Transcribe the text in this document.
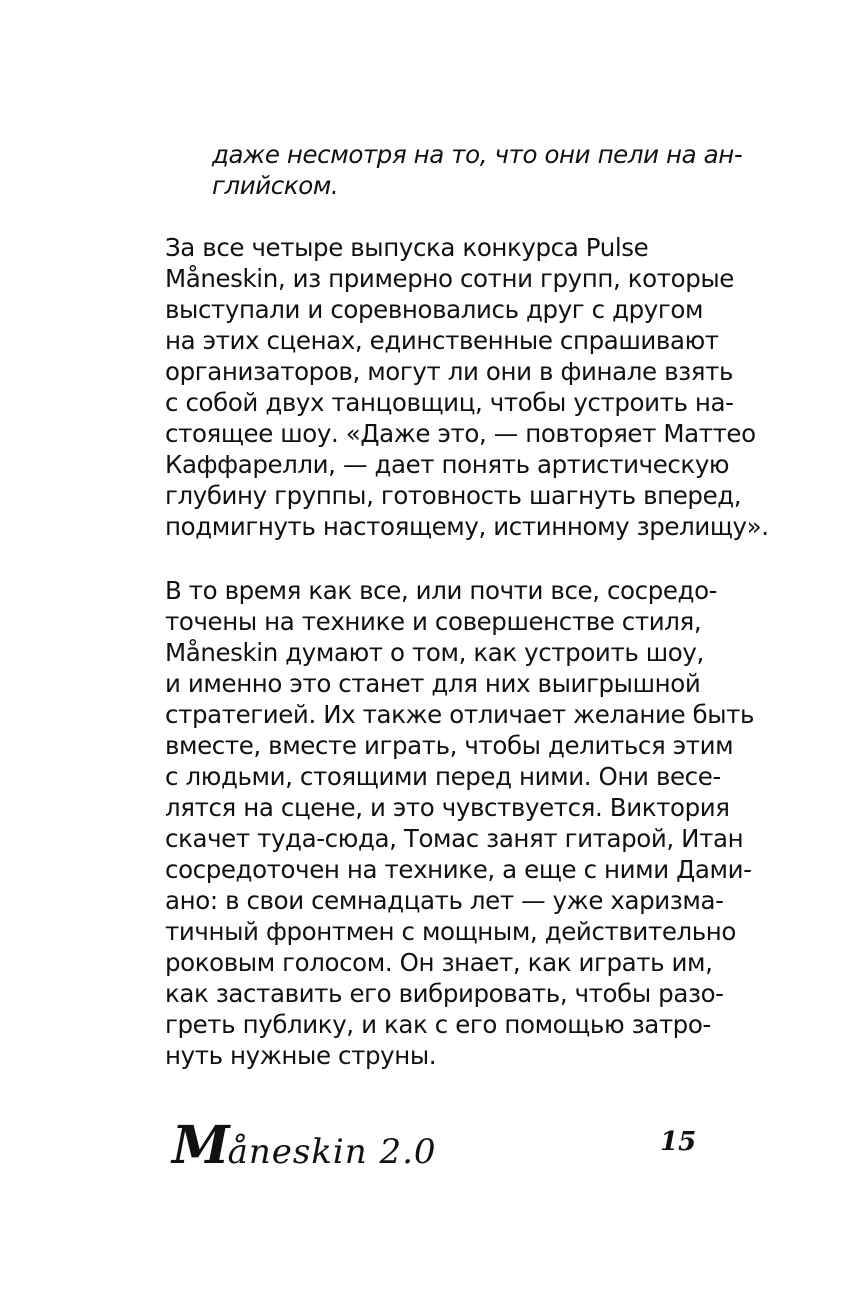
даже несмотря на то, что они пели на ан-
глийском.
За все четыре выпуска конкурса Pulse
Måneskin, из примерно сотни групп, которые
выступали и соревновались друг с другом
на этих сценах, единственные спрашивают
организаторов, могут ли они в финале взять
с собой двух танцовщиц, чтобы устроить на-
стоящее шоу. «Даже это, — повторяет Маттео
Каффарелли, — дает понять артистическую
глубину группы, готовность шагнуть вперед,
подмигнуть настоящему, истинному зрелищу».
В то время как все, или почти все, сосредо-
точены на технике и совершенстве стиля,
Måneskin думают о том, как устроить шоу,
и именно это станет для них выигрышной
стратегией. Их также отличает желание быть
вместе, вместе играть, чтобы делиться этим
с людьми, стоящими перед ними. Они весе-
лятся на сцене, и это чувствуется. Виктория
скачет туда-сюда, Томас занят гитарой, Итан
сосредоточен на технике, а еще с ними Дами-
ано: в свои семнадцать лет — уже харизма-
тичный фронтмен с мощным, действительно
роковым голосом. Он знает, как играть им,
как заставить его вибрировать, чтобы разо-
греть публику, и как с его помощью затро-
нуть нужные струны.
Måneskin 2.0	15
